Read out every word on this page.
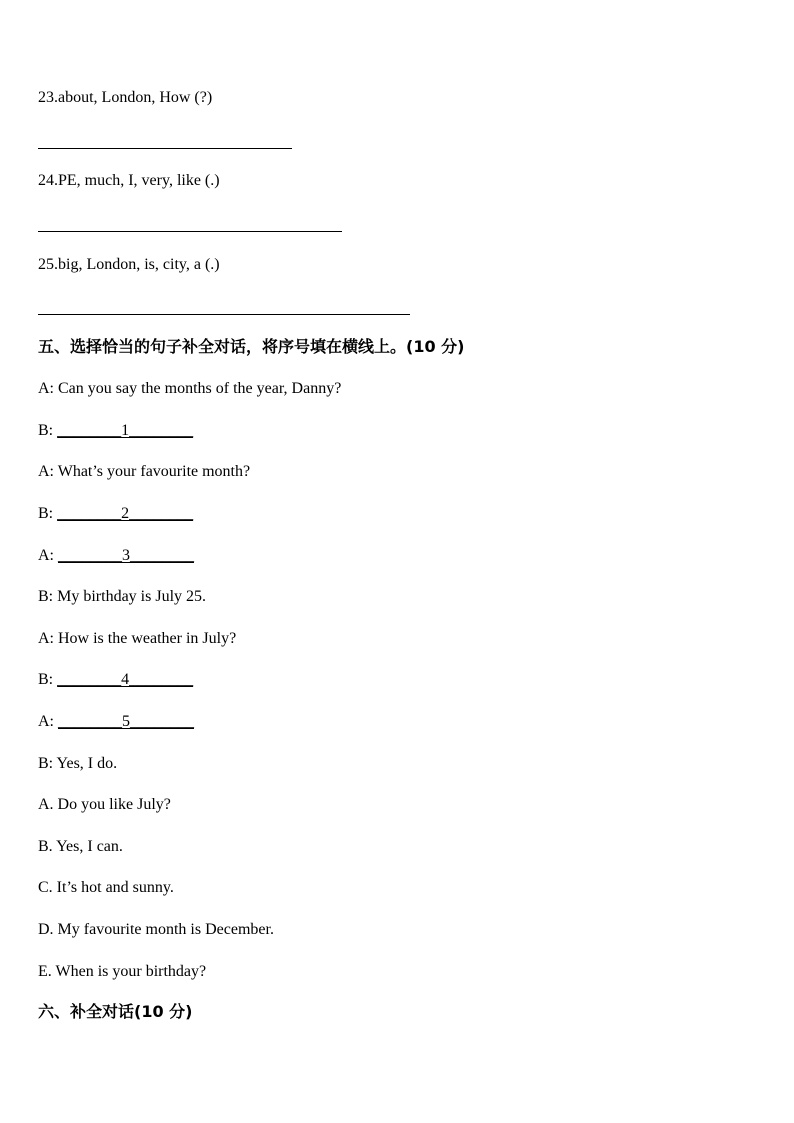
23.about, London, How (?)
24.PE, much, I, very, like (.)
25.big, London, is, city, a (.)
五、选择恰当的句子补全对话，将序号填在横线上。(10 分)
A: Can you say the months of the year, Danny?
B: ________1________
A: What’s your favourite month?
B: ________2________
A: ________3________
B: My birthday is July 25.
A: How is the weather in July?
B: ________4________
A: ________5________
B: Yes, I do.
A. Do you like July?
B. Yes, I can.
C. It’s hot and sunny.
D. My favourite month is December.
E. When is your birthday?
六、补全对话(10 分)
